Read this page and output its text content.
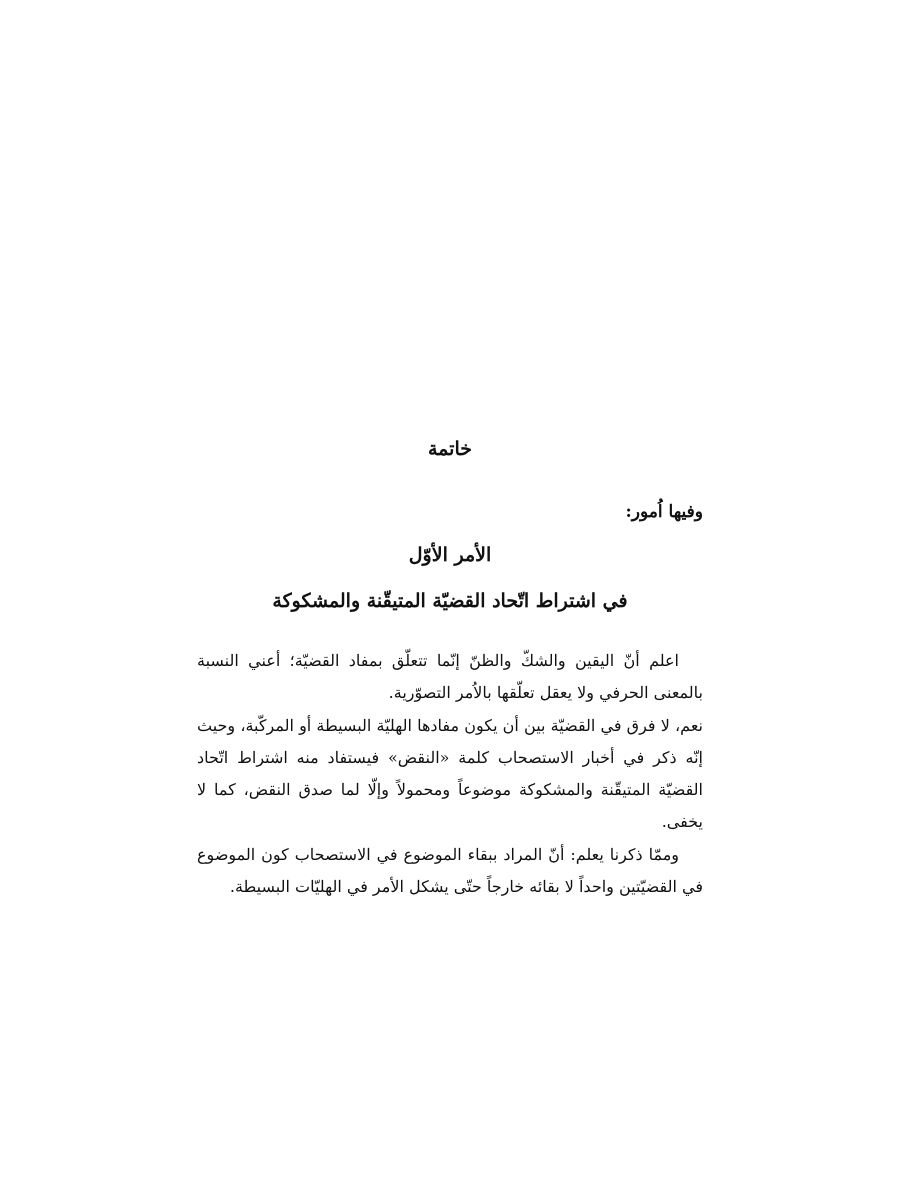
خاتمة
وفيها اُمور:
الأمر الأوّل
في اشتراط اتّحاد القضيّة المتيقّنة والمشكوكة

اعلم أنّ اليقين والشكّ والظنّ إنّما تتعلّق بمفاد القضيّة؛ أعني النسبة بالمعنى الحرفي ولا يعقل تعلّقها بالاُمر التصوّرية.

نعم، لا فرق في القضيّة بين أن يكون مفادها الهليّة البسيطة أو المركّبة، وحيث إنّه ذكر في أخبار الاستصحاب كلمة «النقض» فيستفاد منه اشتراط اتّحاد القضيّة المتيقّنة والمشكوكة موضوعاً ومحمولاً وإلّا لما صدق النقض، كما لا يخفى.

وممّا ذكرنا يعلم: أنّ المراد ببقاء الموضوع في الاستصحاب كون الموضوع في القضيّتين واحداً لا بقائه خارجاً حتّى يشكل الأمر في الهليّات البسيطة.
